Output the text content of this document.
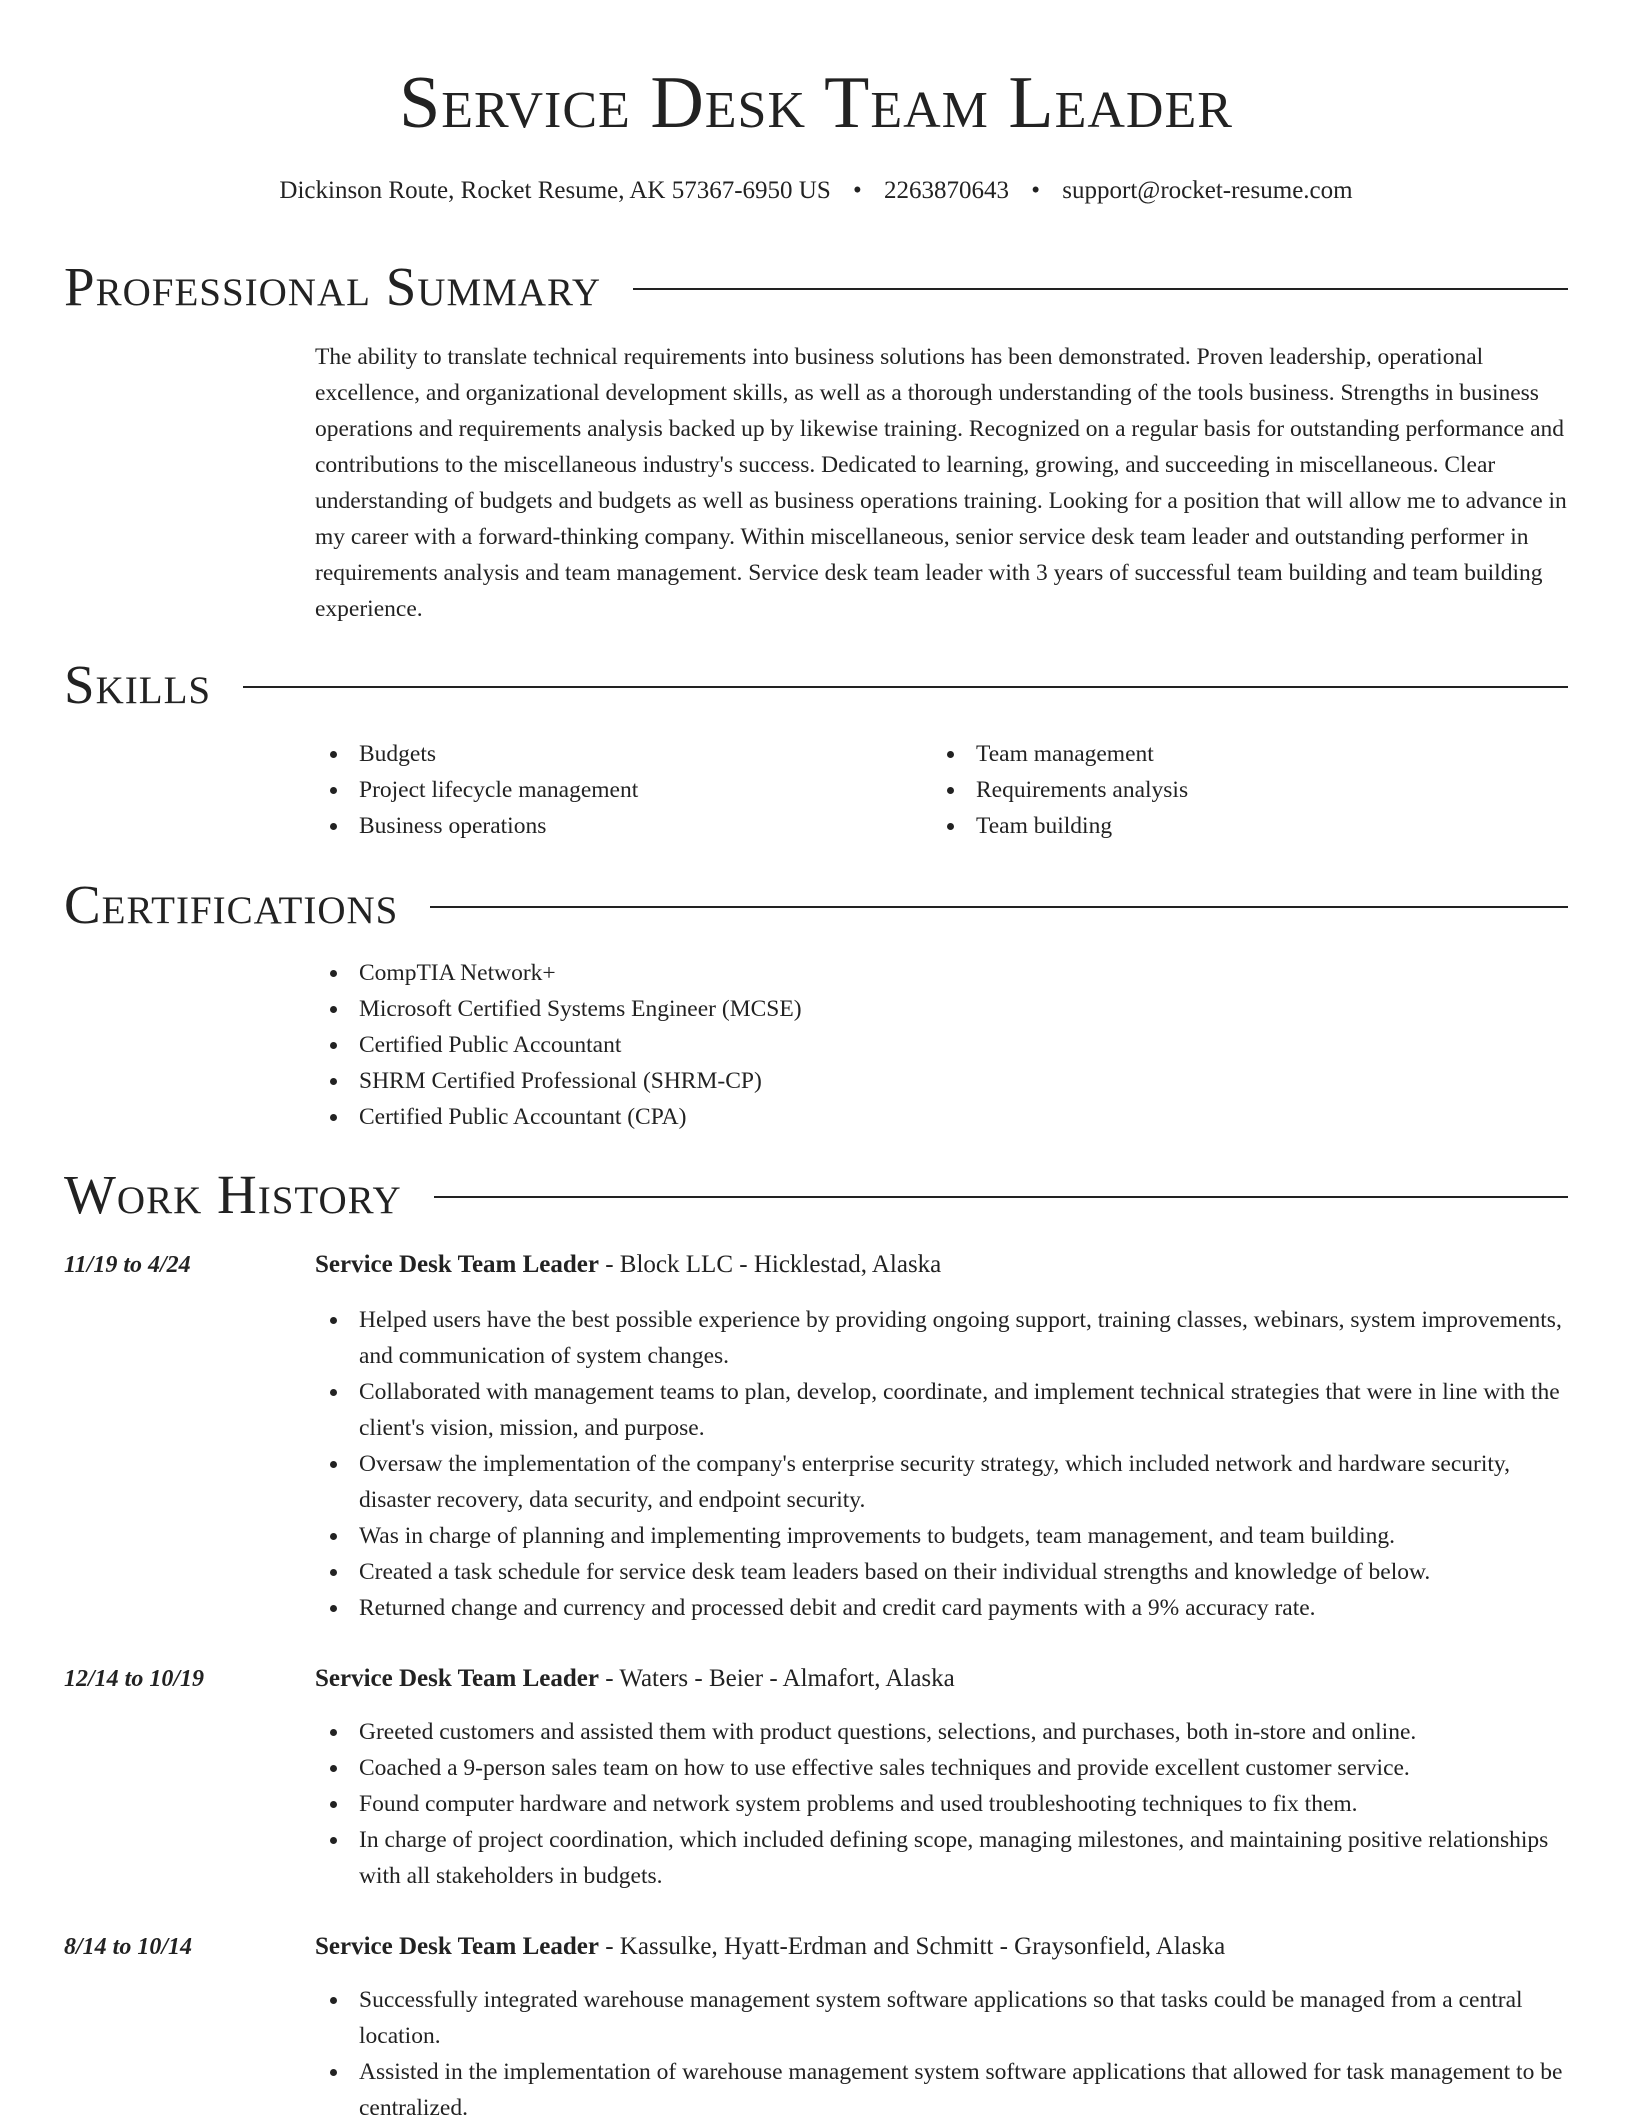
Service Desk Team Leader
Dickinson Route, Rocket Resume, AK 57367-6950 US • 2263870643 • support@rocket-resume.com
Professional Summary

The ability to translate technical requirements into business solutions has been demonstrated. Proven leadership, operational excellence, and organizational development skills, as well as a thorough understanding of the tools business. Strengths in business operations and requirements analysis backed up by likewise training. Recognized on a regular basis for outstanding performance and contributions to the miscellaneous industry's success. Dedicated to learning, growing, and succeeding in miscellaneous. Clear understanding of budgets and budgets as well as business operations training. Looking for a position that will allow me to advance in my career with a forward-thinking company. Within miscellaneous, senior service desk team leader and outstanding performer in requirements analysis and team management. Service desk team leader with 3 years of successful team building and team building experience.

Skills
Budgets
Project lifecycle management
Business operations
Team management
Requirements analysis
Team building
Certifications
CompTIA Network+
Microsoft Certified Systems Engineer (MCSE)
Certified Public Accountant
SHRM Certified Professional (SHRM-CP)
Certified Public Accountant (CPA)
Work History
11/19 to 4/24	Service Desk Team Leader - Block LLC - Hicklestad, Alaska
Helped users have the best possible experience by providing ongoing support, training classes, webinars, system improvements, and communication of system changes.
Collaborated with management teams to plan, develop, coordinate, and implement technical strategies that were in line with the client's vision, mission, and purpose.
Oversaw the implementation of the company's enterprise security strategy, which included network and hardware security, disaster recovery, data security, and endpoint security.
Was in charge of planning and implementing improvements to budgets, team management, and team building.
Created a task schedule for service desk team leaders based on their individual strengths and knowledge of below.
Returned change and currency and processed debit and credit card payments with a 9% accuracy rate.
12/14 to 10/19	Service Desk Team Leader - Waters - Beier - Almafort, Alaska
Greeted customers and assisted them with product questions, selections, and purchases, both in-store and online.
Coached a 9-person sales team on how to use effective sales techniques and provide excellent customer service.
Found computer hardware and network system problems and used troubleshooting techniques to fix them.
In charge of project coordination, which included defining scope, managing milestones, and maintaining positive relationships with all stakeholders in budgets.
8/14 to 10/14	Service Desk Team Leader - Kassulke, Hyatt-Erdman and Schmitt - Graysonfield, Alaska
Successfully integrated warehouse management system software applications so that tasks could be managed from a central location.
Assisted in the implementation of warehouse management system software applications that allowed for task management to be centralized.
